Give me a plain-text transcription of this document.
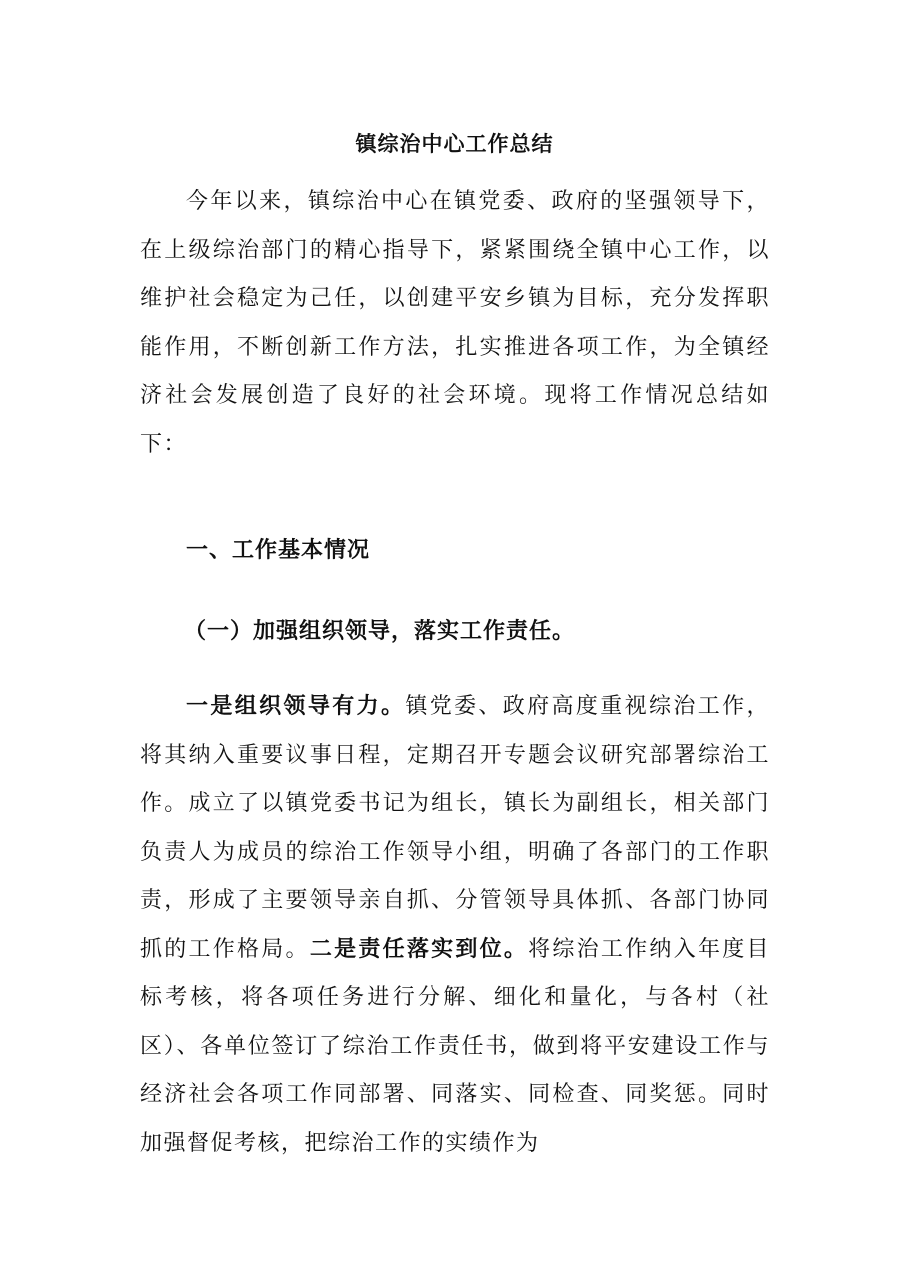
镇综治中心工作总结

今年以来，镇综治中心在镇党委、政府的坚强领导下，在上级综治部门的精心指导下，紧紧围绕全镇中心工作，以维护社会稳定为己任，以创建平安乡镇为目标，充分发挥职能作用，不断创新工作方法，扎实推进各项工作，为全镇经济社会发展创造了良好的社会环境。现将工作情况总结如下：

一、工作基本情况
（一）加强组织领导，落实工作责任。

一是组织领导有力。镇党委、政府高度重视综治工作，将其纳入重要议事日程，定期召开专题会议研究部署综治工作。成立了以镇党委书记为组长，镇长为副组长，相关部门负责人为成员的综治工作领导小组，明确了各部门的工作职责，形成了主要领导亲自抓、分管领导具体抓、各部门协同抓的工作格局。二是责任落实到位。将综治工作纳入年度目标考核，将各项任务进行分解、细化和量化，与各村（社区）、各单位签订了综治工作责任书，做到将平安建设工作与经济社会各项工作同部署、同落实、同检查、同奖惩。同时加强督促考核，把综治工作的实绩作为
